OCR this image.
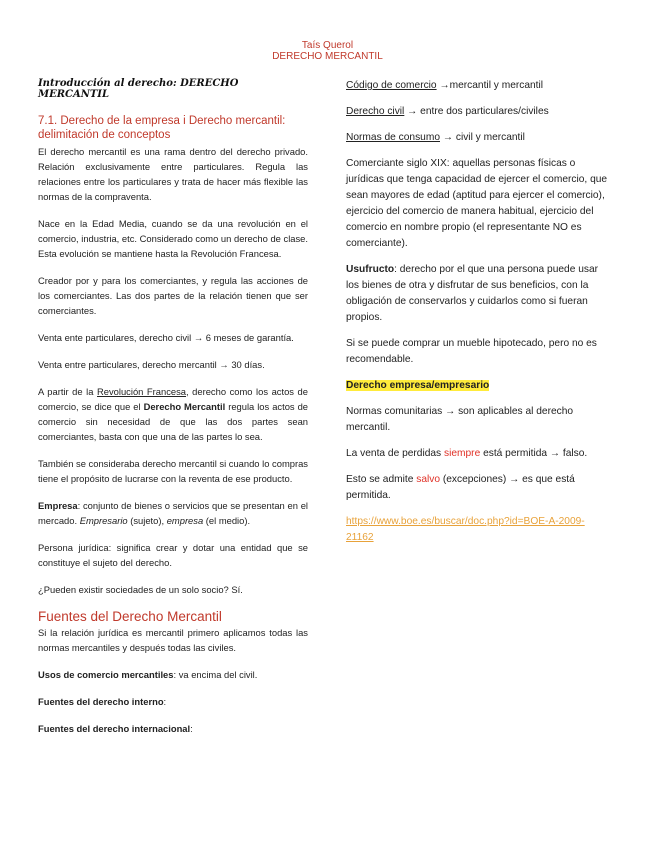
Taís Querol
DERECHO MERCANTIL
Introducción al derecho: DERECHO MERCANTIL
7.1. Derecho de la empresa i Derecho mercantil: delimitación de conceptos

El derecho mercantil es una rama dentro del derecho privado. Relación exclusivamente entre particulares. Regula las relaciones entre los particulares y trata de hacer más flexible las normas de la compraventa.

Nace en la Edad Media, cuando se da una revolución en el comercio, industria, etc. Considerado como un derecho de clase. Esta evolución se mantiene hasta la Revolución Francesa.

Creador por y para los comerciantes, y regula las acciones de los comerciantes. Las dos partes de la relación tienen que ser comerciantes.

Venta ente particulares, derecho civil → 6 meses de garantía.

Venta entre particulares, derecho mercantil → 30 días.

A partir de la Revolución Francesa, derecho como los actos de comercio, se dice que el Derecho Mercantil regula los actos de comercio sin necesidad de que las dos partes sean comerciantes, basta con que una de las partes lo sea.

También se consideraba derecho mercantil si cuando lo compras tiene el propósito de lucrarse con la reventa de ese producto.

Empresa: conjunto de bienes o servicios que se presentan en el mercado. Empresario (sujeto), empresa (el medio).

Persona jurídica: significa crear y dotar una entidad que se constituye el sujeto del derecho.

¿Pueden existir sociedades de un solo socio? Sí.

Fuentes del Derecho Mercantil

Si la relación jurídica es mercantil primero aplicamos todas las normas mercantiles y después todas las civiles.

Usos de comercio mercantiles: va encima del civil.

Fuentes del derecho interno:

Fuentes del derecho internacional:

Código de comercio →mercantil y mercantil

Derecho civil → entre dos particulares/civiles

Normas de consumo → civil y mercantil

Comerciante siglo XIX: aquellas personas físicas o jurídicas que tenga capacidad de ejercer el comercio, que sean mayores de edad (aptitud para ejercer el comercio), ejercicio del comercio de manera habitual, ejercicio del comercio en nombre propio (el representante NO es comerciante).

Usufructo: derecho por el que una persona puede usar los bienes de otra y disfrutar de sus beneficios, con la obligación de conservarlos y cuidarlos como si fueran propios.

Si se puede comprar un mueble hipotecado, pero no es recomendable.

Derecho empresa/empresario

Normas comunitarias → son aplicables al derecho mercantil.

La venta de perdidas siempre está permitida → falso.

Esto se admite salvo (excepciones) → es que está permitida.

https://www.boe.es/buscar/doc.php?id=BOE-A-2009-21162
